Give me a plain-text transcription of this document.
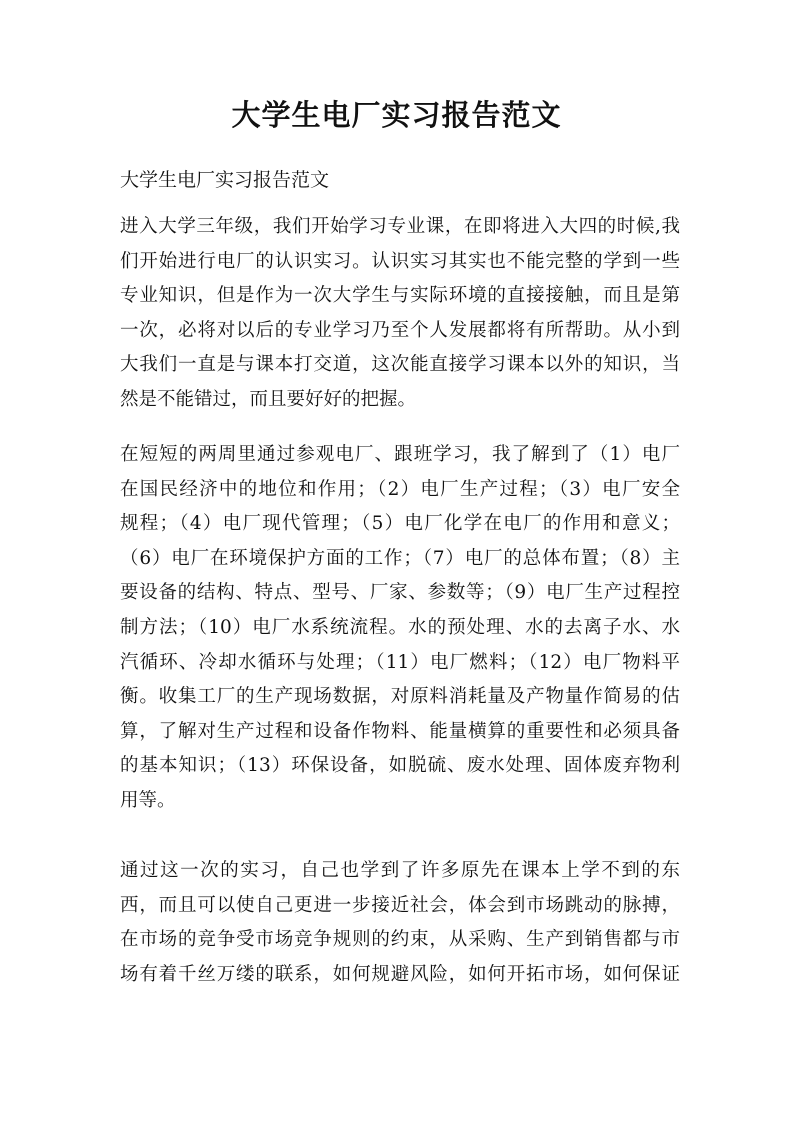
大学生电厂实习报告范文

大学生电厂实习报告范文

进入大学三年级，我们开始学习专业课，在即将进入大四的时候,我
们开始进行电厂的认识实习。认识实习其实也不能完整的学到一些
专业知识，但是作为一次大学生与实际环境的直接接触，而且是第
一次，必将对以后的专业学习乃至个人发展都将有所帮助。从小到
大我们一直是与课本打交道，这次能直接学习课本以外的知识，当
然是不能错过，而且要好好的把握。
在短短的两周里通过参观电厂、跟班学习，我了解到了（1）电厂
在国民经济中的地位和作用；（2）电厂生产过程；（3）电厂安全
规程；（4）电厂现代管理；（5）电厂化学在电厂的作用和意义；
（6）电厂在环境保护方面的工作；（7）电厂的总体布置；（8）主
要设备的结构、特点、型号、厂家、参数等；（9）电厂生产过程控
制方法；（10）电厂水系统流程。水的预处理、水的去离子水、水
汽循环、冷却水循环与处理；（11）电厂燃料；（12）电厂物料平
衡。收集工厂的生产现场数据，对原料消耗量及产物量作简易的估
算，了解对生产过程和设备作物料、能量横算的重要性和必须具备
的基本知识；（13）环保设备，如脱硫、废水处理、固体废弃物利
用等。
通过这一次的实习，自己也学到了许多原先在课本上学不到的东
西，而且可以使自己更进一步接近社会，体会到市场跳动的脉搏，
在市场的竞争受市场竞争规则的约束，从采购、生产到销售都与市
场有着千丝万缕的联系，如何规避风险，如何开拓市场，如何保证
